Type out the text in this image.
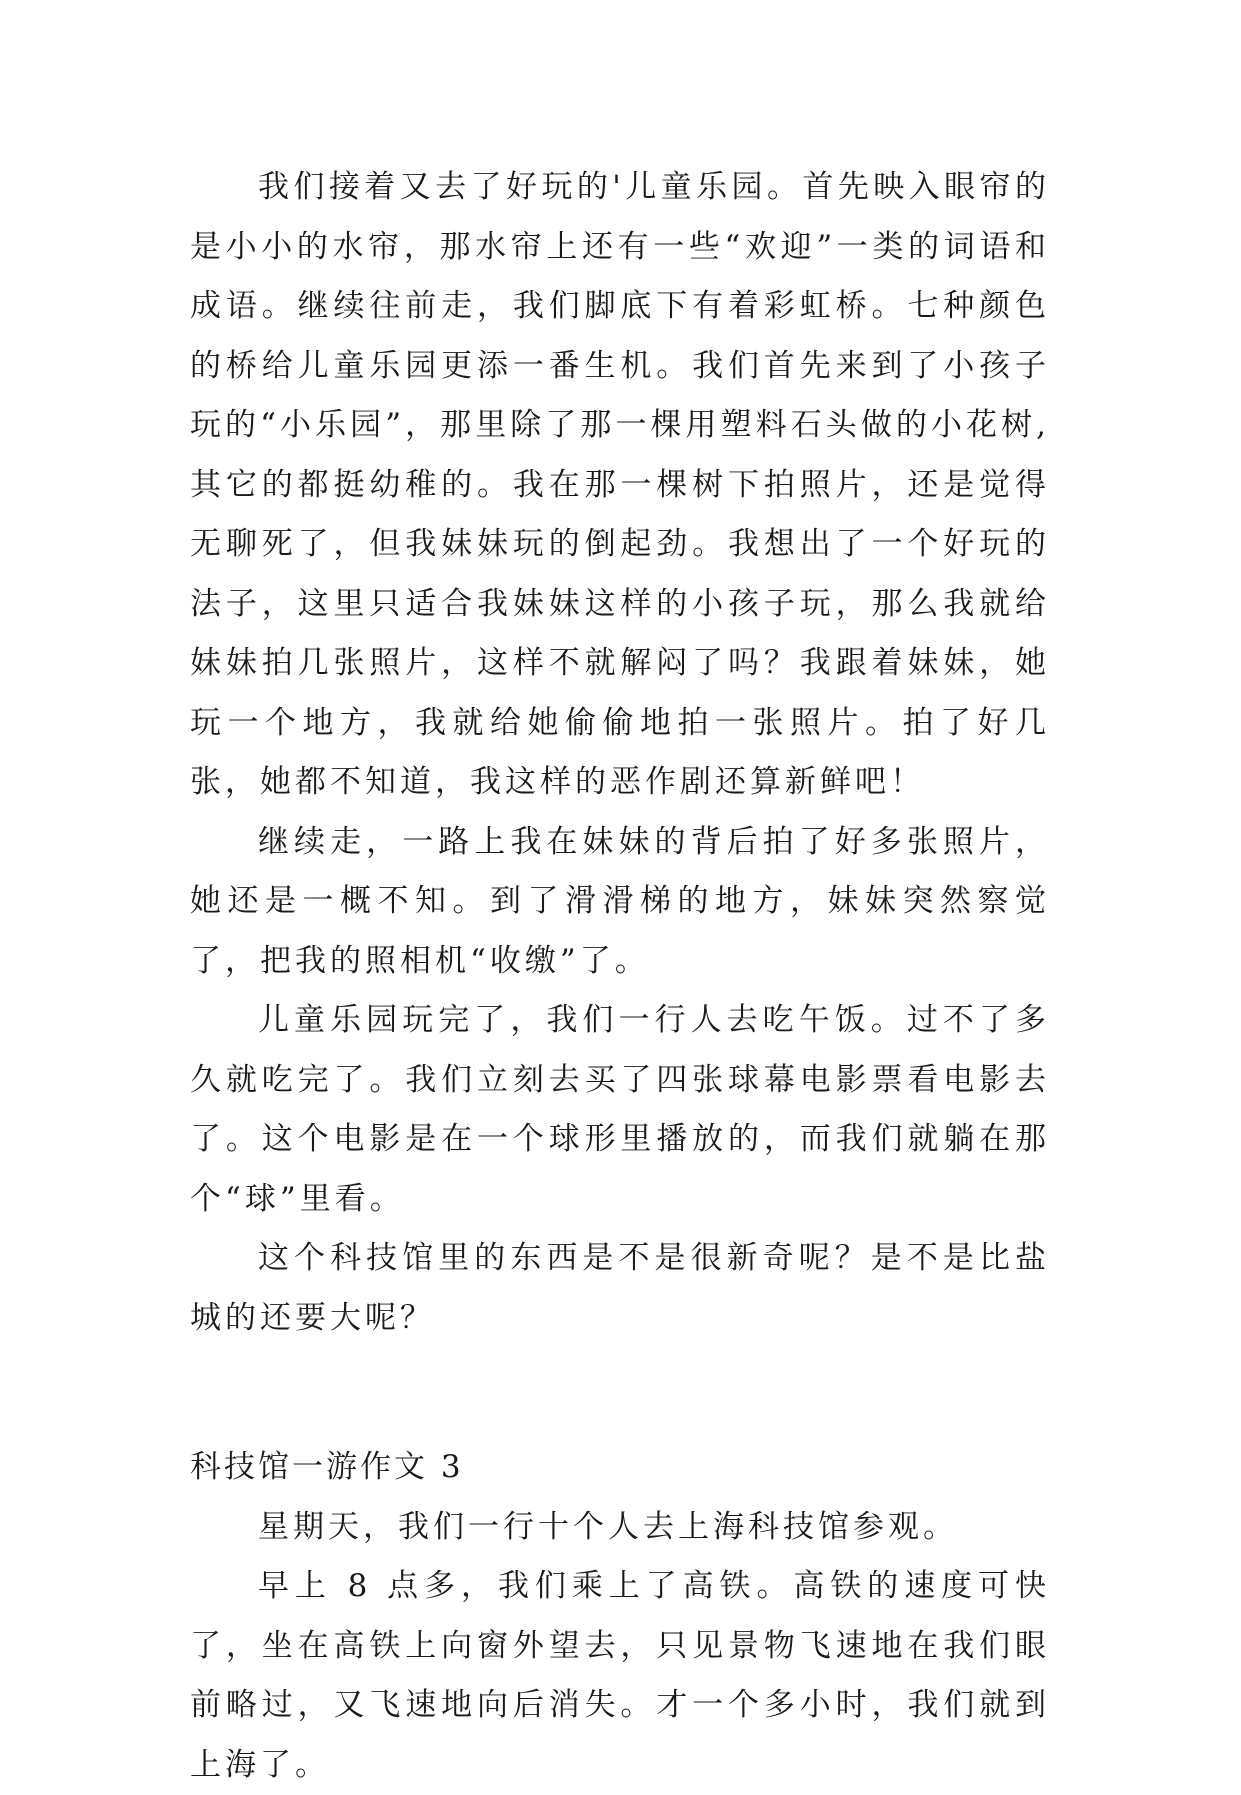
我们接着又去了好玩的'儿童乐园。首先映入眼帘的是小小的水帘，那水帘上还有一些“欢迎”一类的词语和成语。继续往前走，我们脚底下有着彩虹桥。七种颜色的桥给儿童乐园更添一番生机。我们首先来到了小孩子玩的“小乐园”，那里除了那一棵用塑料石头做的小花树,其它的都挺幼稚的。我在那一棵树下拍照片，还是觉得无聊死了，但我妹妹玩的倒起劲。我想出了一个好玩的法子，这里只适合我妹妹这样的小孩子玩，那么我就给妹妹拍几张照片，这样不就解闷了吗？我跟着妹妹，她玩一个地方，我就给她偷偷地拍一张照片。拍了好几张，她都不知道，我这样的恶作剧还算新鲜吧！

继续走，一路上我在妹妹的背后拍了好多张照片，她还是一概不知。到了滑滑梯的地方，妹妹突然察觉了，把我的照相机“收缴”了。

儿童乐园玩完了，我们一行人去吃午饭。过不了多久就吃完了。我们立刻去买了四张球幕电影票看电影去了。这个电影是在一个球形里播放的，而我们就躺在那个“球”里看。

这个科技馆里的东西是不是很新奇呢？是不是比盐城的还要大呢？

科技馆一游作文 3

星期天，我们一行十个人去上海科技馆参观。

早上 8 点多，我们乘上了高铁。高铁的速度可快了，坐在高铁上向窗外望去，只见景物飞速地在我们眼前略过，又飞速地向后消失。才一个多小时，我们就到上海了。
